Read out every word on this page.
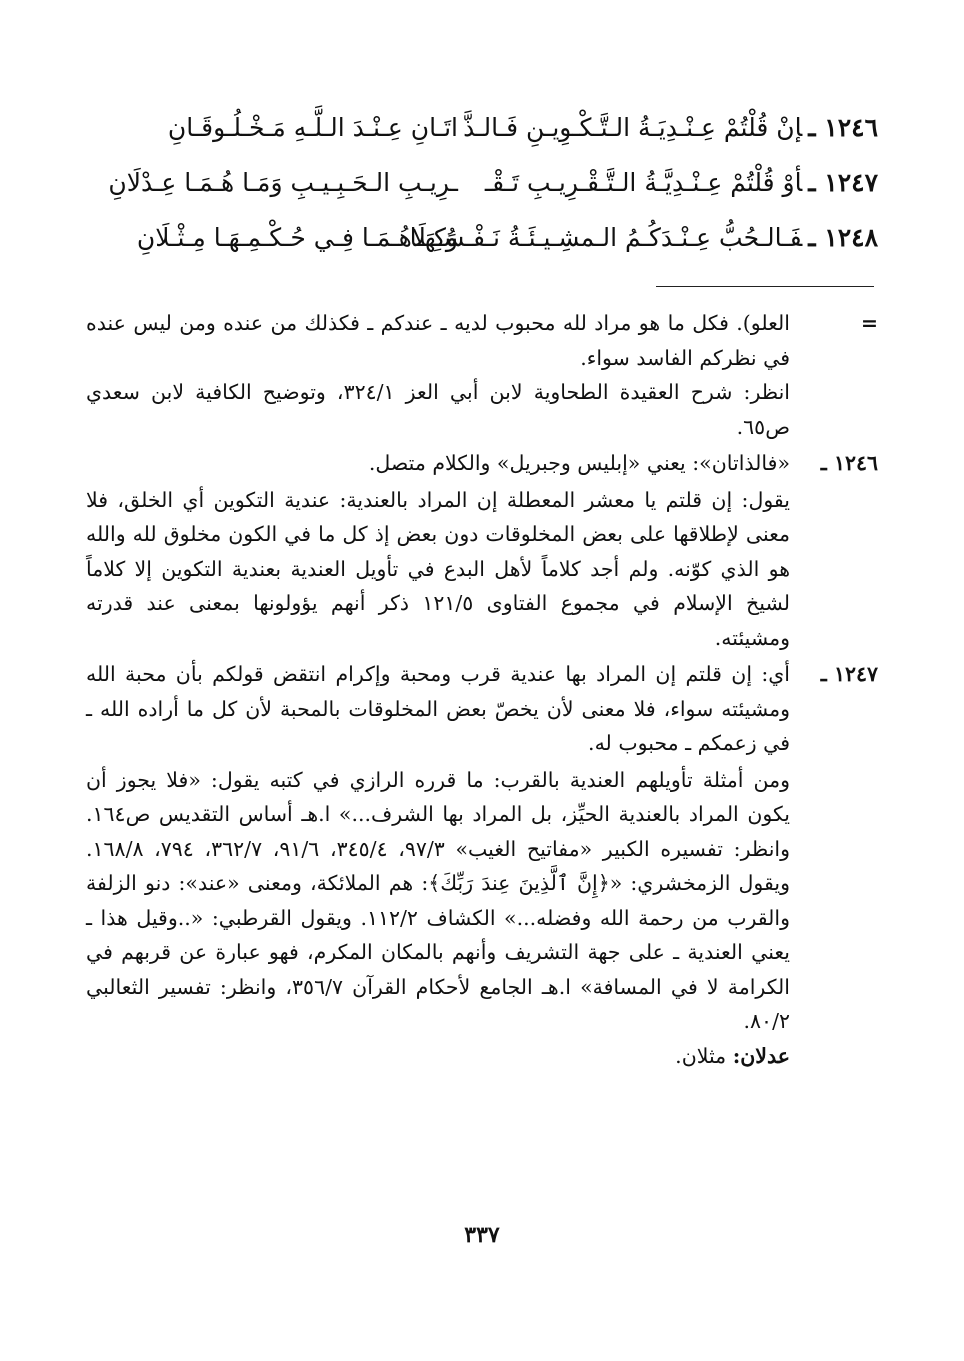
١٢٤٦ ـإنْ قُلْتُمْ عِـنْـدِيَـةُ الـتَّـكْـوِيـنِ فَـالـذَّ
اتَـانِ عِـنْـدَ الـلَّـهِ مَـخْـلُـوقَـانِ
١٢٤٧ ـأوْ قُلْتُمْ عِـنْـدِيَّـةُ الـتَّـقْـرِيـبِ تَـقْـ
ـرِيـبِ الـحَـبِـيـبِ وَمَـا هُـمَـا عِـدْلَانِ
١٢٤٨ ـفَـالـحُبُّ عِـنْـدَكُـمُ الـمشِـيـئَـةُ نَـفْـسُـهَـا
وَكِـلَاهُـمَـا فِـي حُـكْـمِـهَـا مِـثْـلَانِ
=

العلو). فكل ما هو مراد لله محبوب لديه ـ عندكم ـ فكذلك من عنده ومن ليس عنده في نظركم الفاسد سواء.

انظر: شرح العقيدة الطحاوية لابن أبي العز ٣٢٤/١، وتوضيح الكافية لابن سعدي ص٦٥.

١٢٤٦ ـ

«فالذاتان»: يعني «إبليس وجبريل» والكلام متصل.

يقول: إن قلتم يا معشر المعطلة إن المراد بالعندية: عندية التكوين أي الخلق، فلا معنى لإطلاقها على بعض المخلوقات دون بعض إذ كل ما في الكون مخلوق لله والله هو الذي كوّنه. ولم أجد كلاماً لأهل البدع في تأويل العندية بعندية التكوين إلا كلاماً لشيخ الإسلام في مجموع الفتاوى ١٢١/٥ ذكر أنهم يؤولونها بمعنى عند قدرته ومشيئته.

١٢٤٧ ـ

أي: إن قلتم إن المراد بها عندية قرب ومحبة وإكرام انتقض قولكم بأن محبة الله ومشيئته سواء، فلا معنى لأن يخصّ بعض المخلوقات بالمحبة لأن كل ما أراده الله ـ في زعمكم ـ محبوب له.

ومن أمثلة تأويلهم العندية بالقرب: ما قرره الرازي في كتبه يقول: «فلا يجوز أن يكون المراد بالعندية الحيِّز، بل المراد بها الشرف...» ا.هـ أساس التقديس ص١٦٤. وانظر: تفسيره الكبير «مفاتيح الغيب» ٩٧/٣، ٣٤٥/٤، ٩١/٦، ٣٦٢/٧، ٧٩٤، ١٦٨/٨. ويقول الزمخشري: «﴿إِنَّ ٱلَّذِينَ عِندَ رَبِّكَ﴾: هم الملائكة، ومعنى «عند»: دنو الزلفة والقرب من رحمة الله وفضله...» الكشاف ١١٢/٢. ويقول القرطبي: «..وقيل هذا ـ يعني العندية ـ على جهة التشريف وأنهم بالمكان المكرم، فهو عبارة عن قربهم في الكرامة لا في المسافة» ا.هـ الجامع لأحكام القرآن ٣٥٦/٧، وانظر: تفسير الثعالبي ٨٠/٢.

عدلان: مثلان.

٣٣٧
